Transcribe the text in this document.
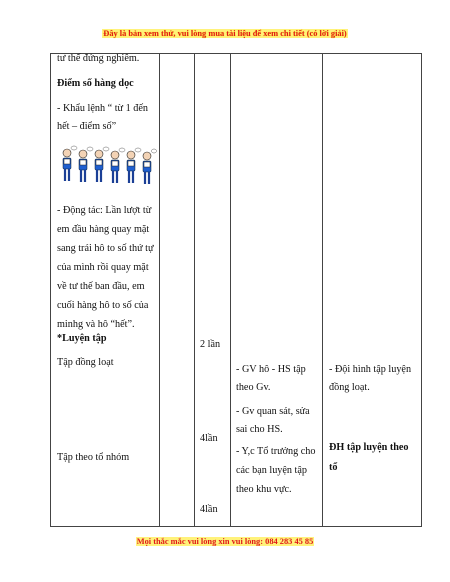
Đây là bản xem thử, vui lòng mua tài liệu để xem chi tiết (có lời giải)
tư thế đứng nghiêm.
Điểm số hàng dọc
- Khẩu lệnh “ từ 1 đến
hết – điểm số”
- Động tác: Lần lượt từ
em đầu hàng quay mặt
sang trái hô to số thứ tự
của mình rồi quay mặt
về tư thế ban đầu, em
cuối hàng hô to số của
minhg và hô “hết”.
*Luyện tập
Tập đồng loạt
Tập theo tổ nhóm
2 lần
4lần
4lần
- GV hô - HS tập
theo Gv.
- Gv quan sát, sửa
sai cho HS.
- Y,c Tổ trưởng cho
các bạn luyện tập
theo khu vực.
- Đội hình tập luyện
đồng loạt.
ĐH tập luyện theo
tổ
Mọi thắc mắc vui lòng xin vui lòng: 084 283 45 85
